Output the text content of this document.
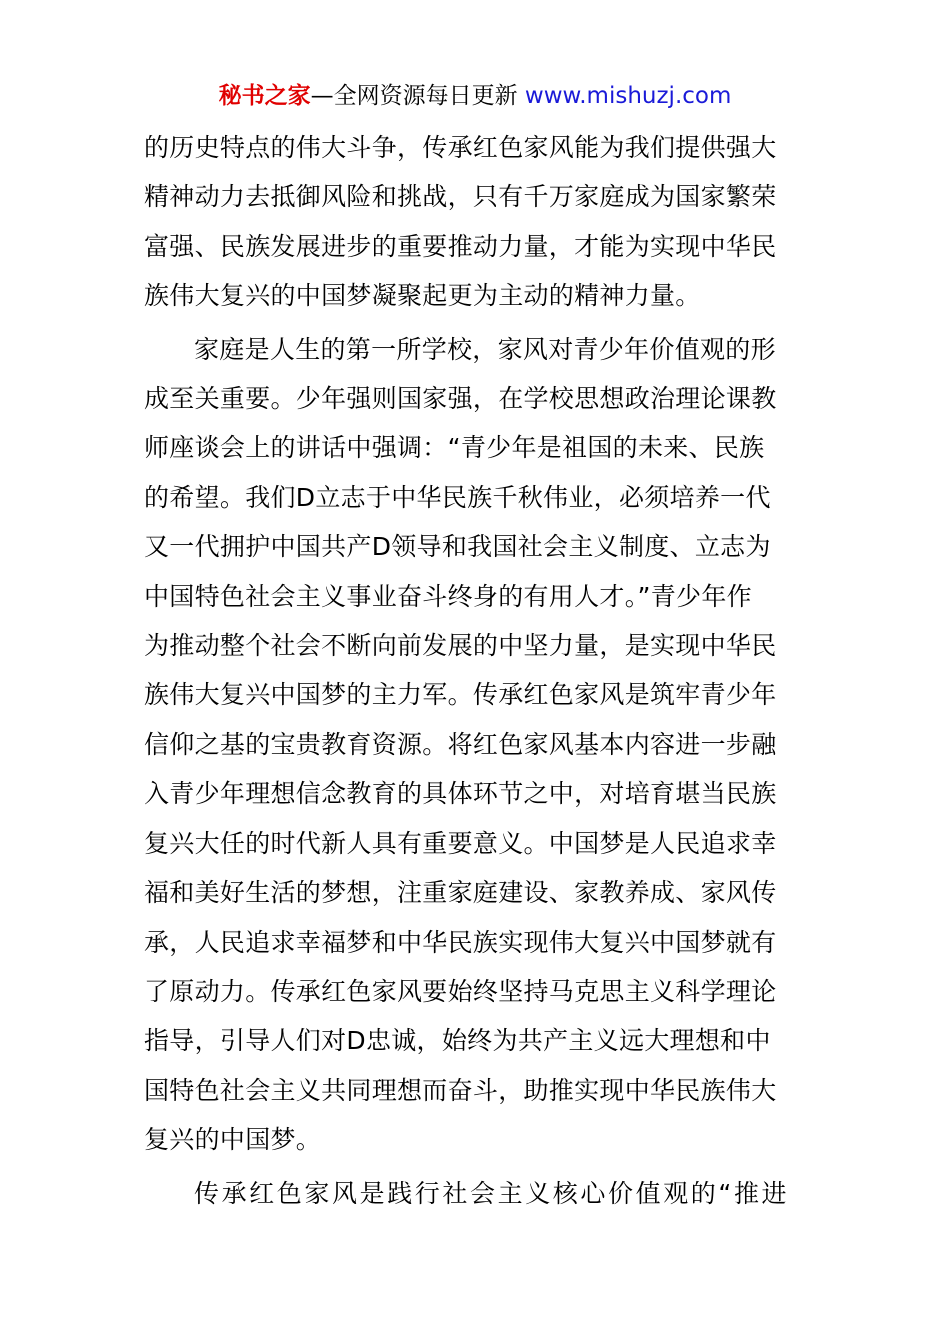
秘书之家—全网资源每日更新 www.mishuzj.com

的历史特点的伟大斗争，传承红色家风能为我们提供强大

精神动力去抵御风险和挑战，只有千万家庭成为国家繁荣

富强、民族发展进步的重要推动力量，才能为实现中华民

族伟大复兴的中国梦凝聚起更为主动的精神力量。

家庭是人生的第一所学校，家风对青少年价值观的形

成至关重要。少年强则国家强，在学校思想政治理论课教

师座谈会上的讲话中强调：“青少年是祖国的未来、民族

的希望。我们D立志于中华民族千秋伟业，必须培养一代

又一代拥护中国共产D领导和我国社会主义制度、立志为

中国特色社会主义事业奋斗终身的有用人才。”青少年作

为推动整个社会不断向前发展的中坚力量，是实现中华民

族伟大复兴中国梦的主力军。传承红色家风是筑牢青少年

信仰之基的宝贵教育资源。将红色家风基本内容进一步融

入青少年理想信念教育的具体环节之中，对培育堪当民族

复兴大任的时代新人具有重要意义。中国梦是人民追求幸

福和美好生活的梦想，注重家庭建设、家教养成、家风传

承，人民追求幸福梦和中华民族实现伟大复兴中国梦就有

了原动力。传承红色家风要始终坚持马克思主义科学理论

指导，引导人们对D忠诚，始终为共产主义远大理想和中

国特色社会主义共同理想而奋斗，助推实现中华民族伟大

复兴的中国梦。

传承红色家风是践行社会主义核心价值观的“推进
